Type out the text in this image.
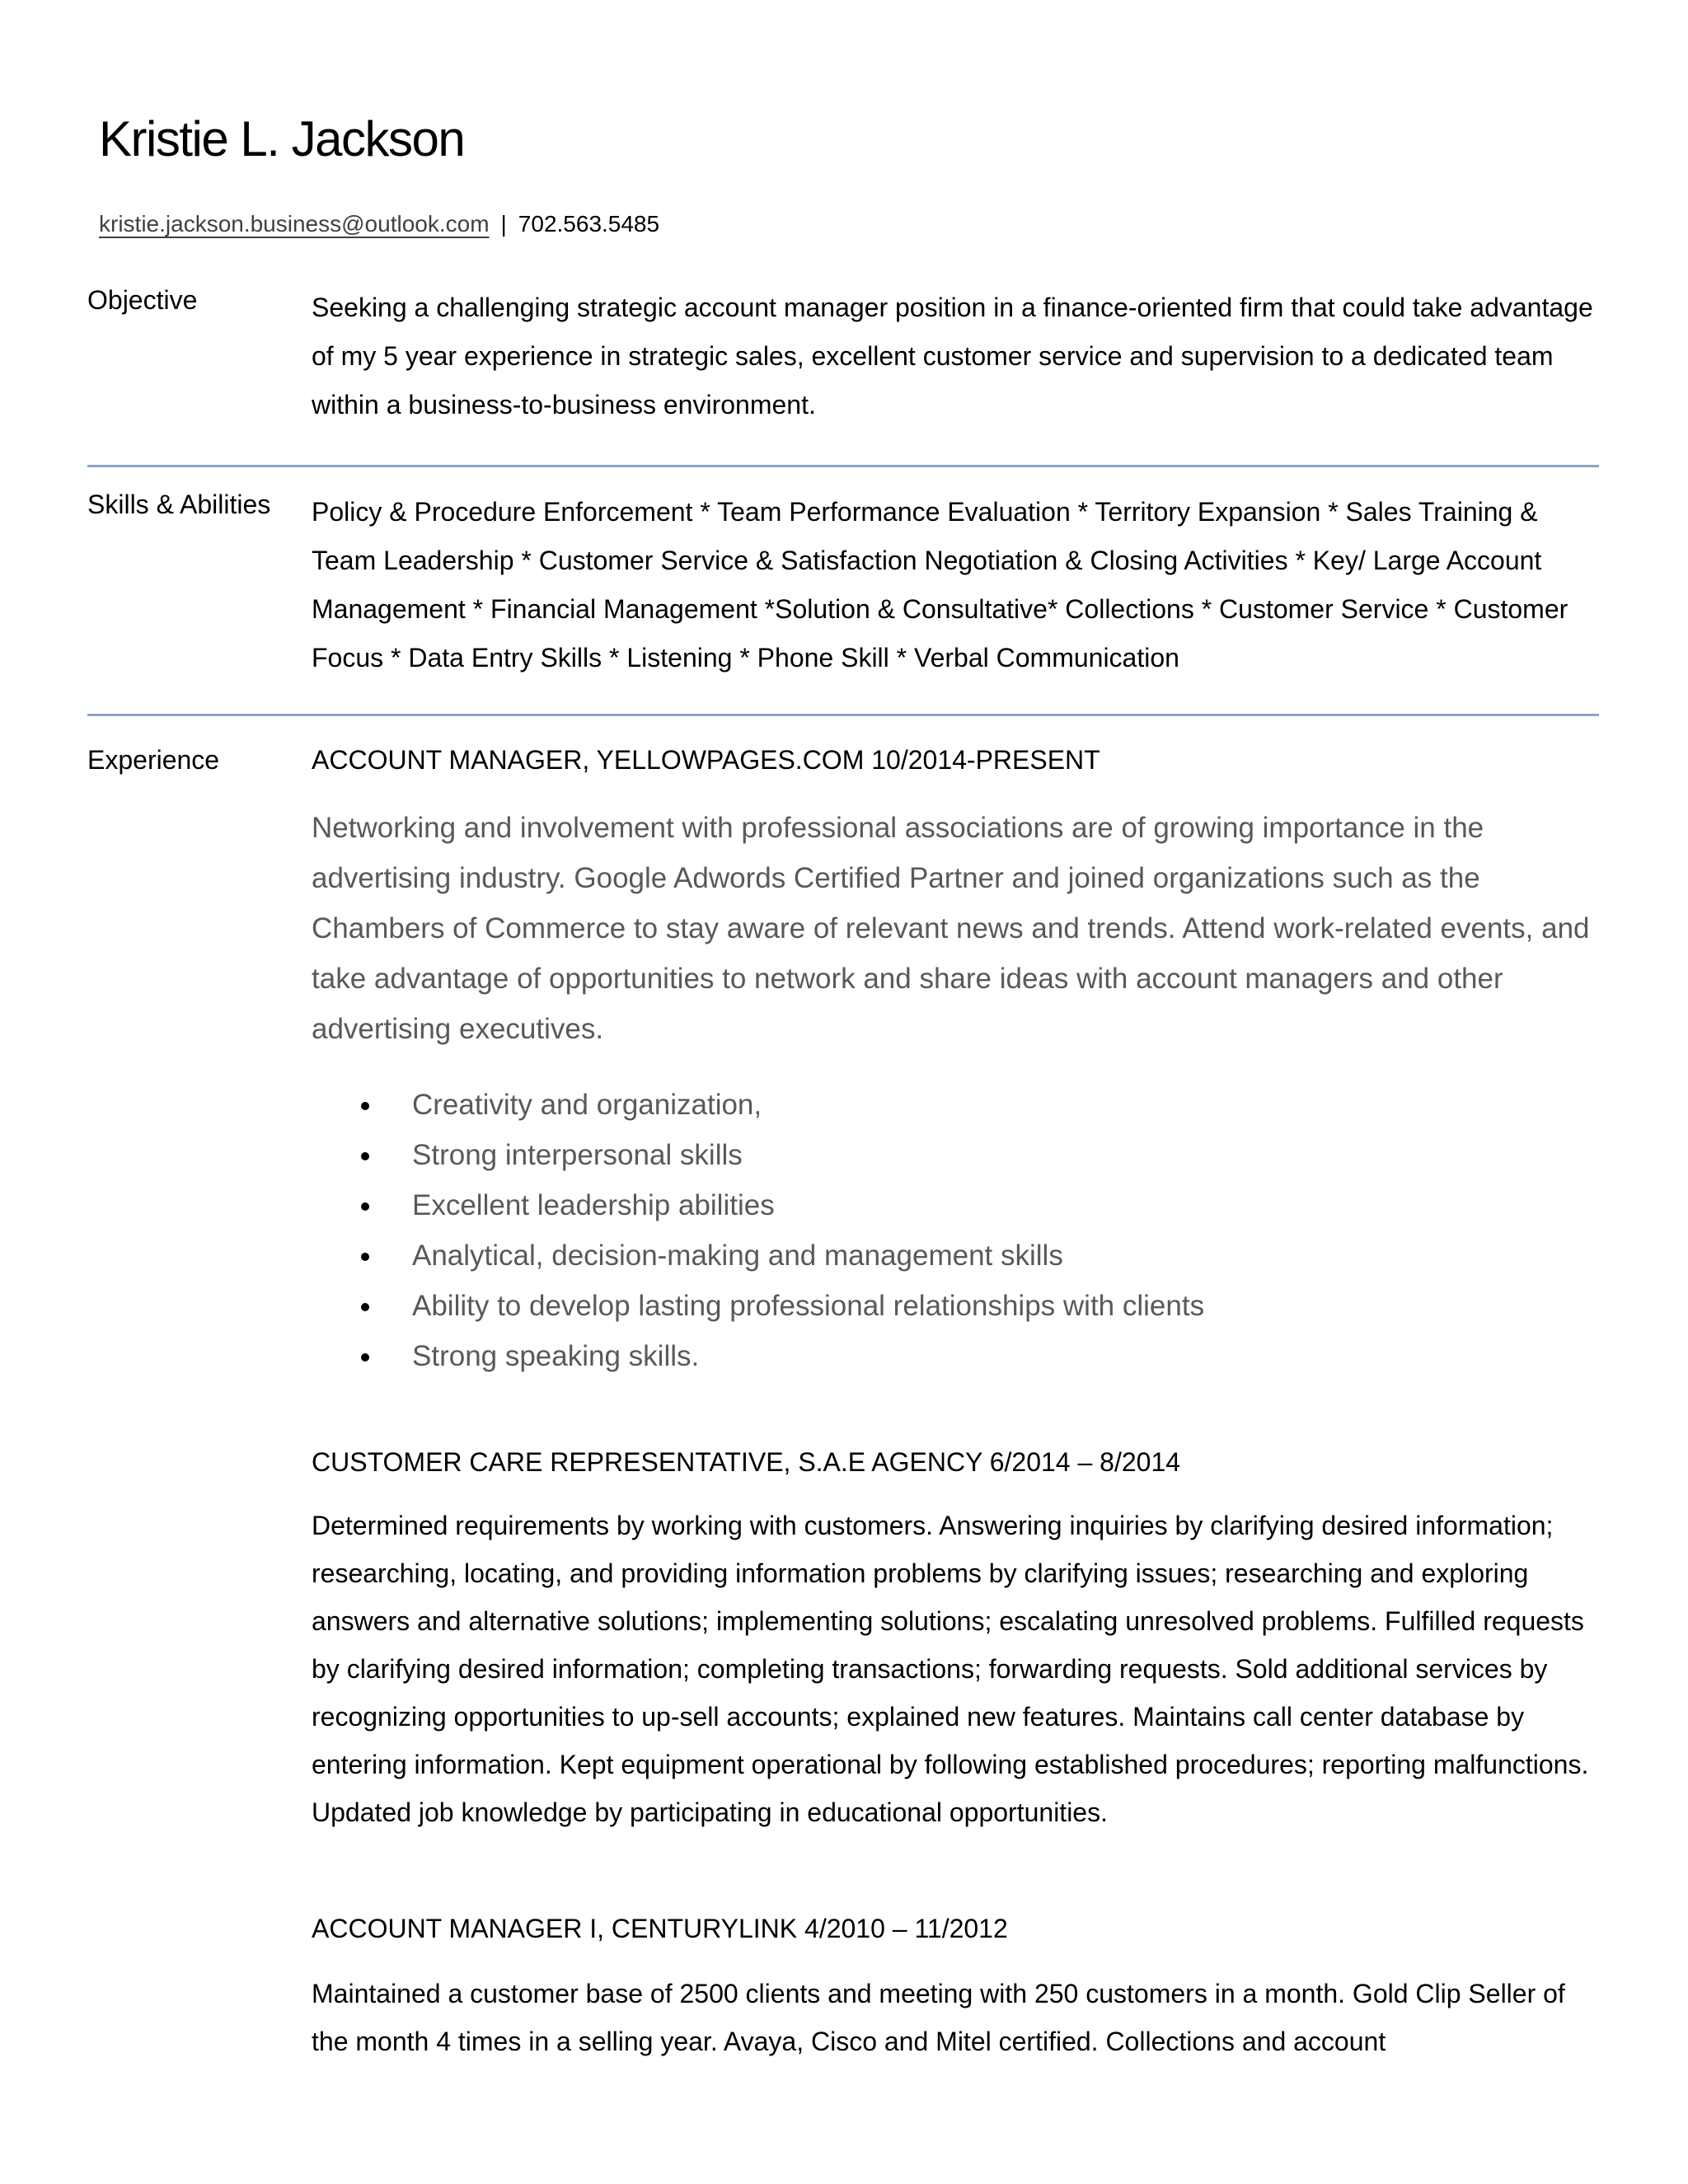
Kristie L. Jackson
kristie.jackson.business@outlook.com | 702.563.5485
Objective	Seeking a challenging strategic account manager position in a finance-oriented firm that could take advantage of my 5 year experience in strategic sales, excellent customer service and supervision to a dedicated team within a business-to-business environment.

Skills & Abilities Policy & Procedure Enforcement * Team Performance Evaluation * Territory Expansion * Sales Training & Team Leadership * Customer Service & Satisfaction Negotiation & Closing Activities * Key/ Large Account Management * Financial Management *Solution & Consultative* Collections * Customer Service * Customer Focus * Data Entry Skills * Listening * Phone Skill * Verbal Communication

Experience	ACCOUNT MANAGER, YELLOWPAGES.COM 10/2014-PRESENT

Networking and involvement with professional associations are of growing importance in the advertising industry. Google Adwords Certified Partner and joined organizations such as the Chambers of Commerce to stay aware of relevant news and trends. Attend work-related events, and take advantage of opportunities to network and share ideas with account managers and other advertising executives.

Creativity and organization,
Strong interpersonal skills
Excellent leadership abilities
Analytical, decision-making and management skills
Ability to develop lasting professional relationships with clients
Strong speaking skills.
CUSTOMER CARE REPRESENTATIVE, S.A.E AGENCY 6/2014 – 8/2014

Determined requirements by working with customers. Answering inquiries by clarifying desired information; researching, locating, and providing information problems by clarifying issues; researching and exploring answers and alternative solutions; implementing solutions; escalating unresolved problems. Fulfilled requests by clarifying desired information; completing transactions; forwarding requests. Sold additional services by recognizing opportunities to up-sell accounts; explained new features. Maintains call center database by entering information. Kept equipment operational by following established procedures; reporting malfunctions. Updated job knowledge by participating in educational opportunities.

ACCOUNT MANAGER I, CENTURYLINK 4/2010 – 11/2012

Maintained a customer base of 2500 clients and meeting with 250 customers in a month. Gold Clip Seller of the month 4 times in a selling year. Avaya, Cisco and Mitel certified. Collections and account
